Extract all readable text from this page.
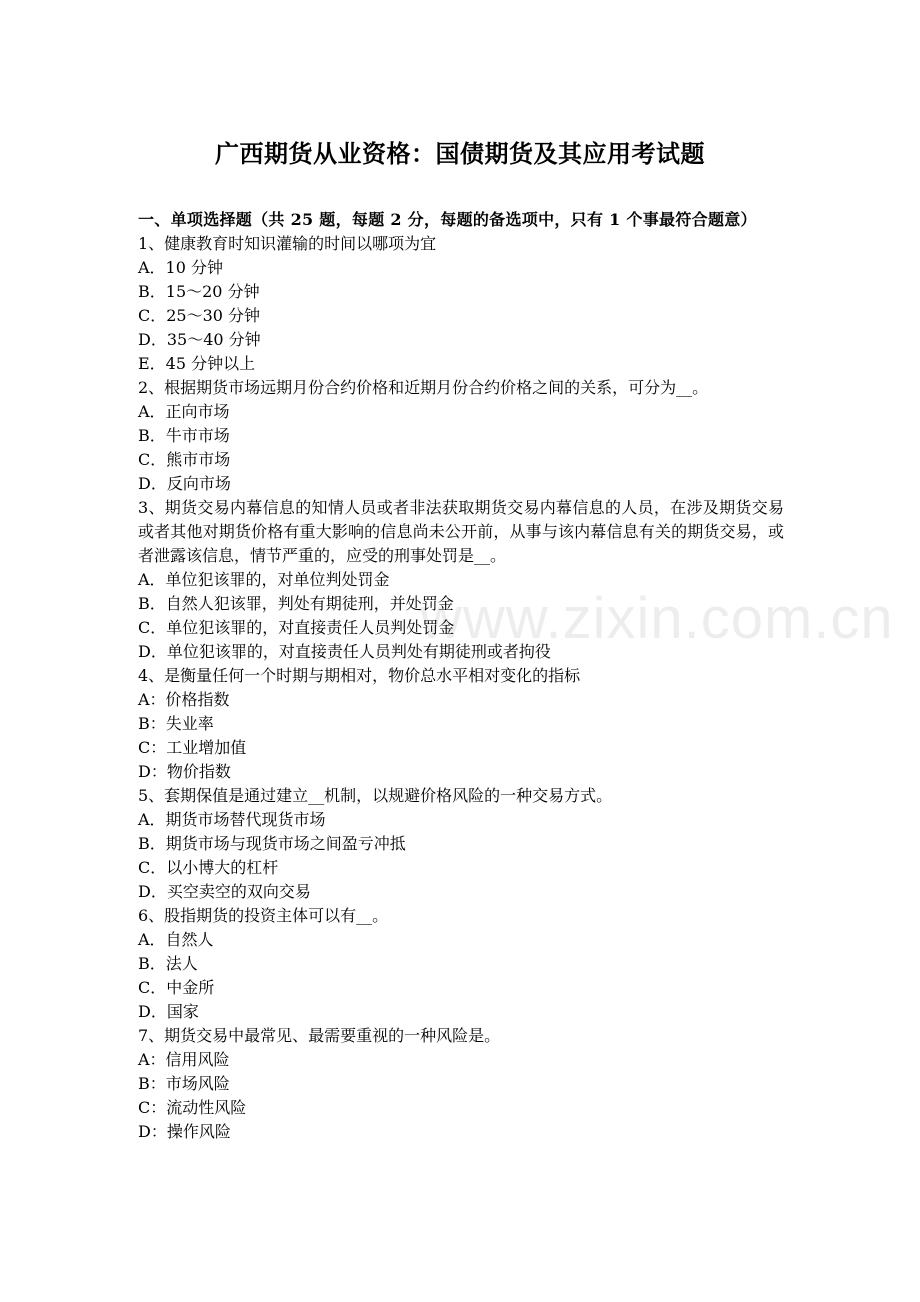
www.zixin.com.cn
广西期货从业资格：国债期货及其应用考试题
一、单项选择题（共 25 题，每题 2 分，每题的备选项中，只有 1 个事最符合题意）
1、健康教育时知识灌输的时间以哪项为宜
A．10 分钟
B．15～20 分钟
C．25～30 分钟
D．35～40 分钟
E．45 分钟以上
2、根据期货市场远期月份合约价格和近期月份合约价格之间的关系，可分为__。
A．正向市场
B．牛市市场
C．熊市市场
D．反向市场
3、期货交易内幕信息的知情人员或者非法获取期货交易内幕信息的人员，在涉及期货交易或者其他对期货价格有重大影响的信息尚未公开前，从事与该内幕信息有关的期货交易，或者泄露该信息，情节严重的，应受的刑事处罚是__。
A．单位犯该罪的，对单位判处罚金
B．自然人犯该罪，判处有期徒刑，并处罚金
C．单位犯该罪的，对直接责任人员判处罚金
D．单位犯该罪的，对直接责任人员判处有期徒刑或者拘役
4、是衡量任何一个时期与期相对，物价总水平相对变化的指标
A：价格指数
B：失业率
C：工业增加值
D：物价指数
5、套期保值是通过建立__机制，以规避价格风险的一种交易方式。
A．期货市场替代现货市场
B．期货市场与现货市场之间盈亏冲抵
C．以小博大的杠杆
D．买空卖空的双向交易
6、股指期货的投资主体可以有__。
A．自然人
B．法人
C．中金所
D．国家
7、期货交易中最常见、最需要重视的一种风险是。
A：信用风险
B：市场风险
C：流动性风险
D：操作风险
